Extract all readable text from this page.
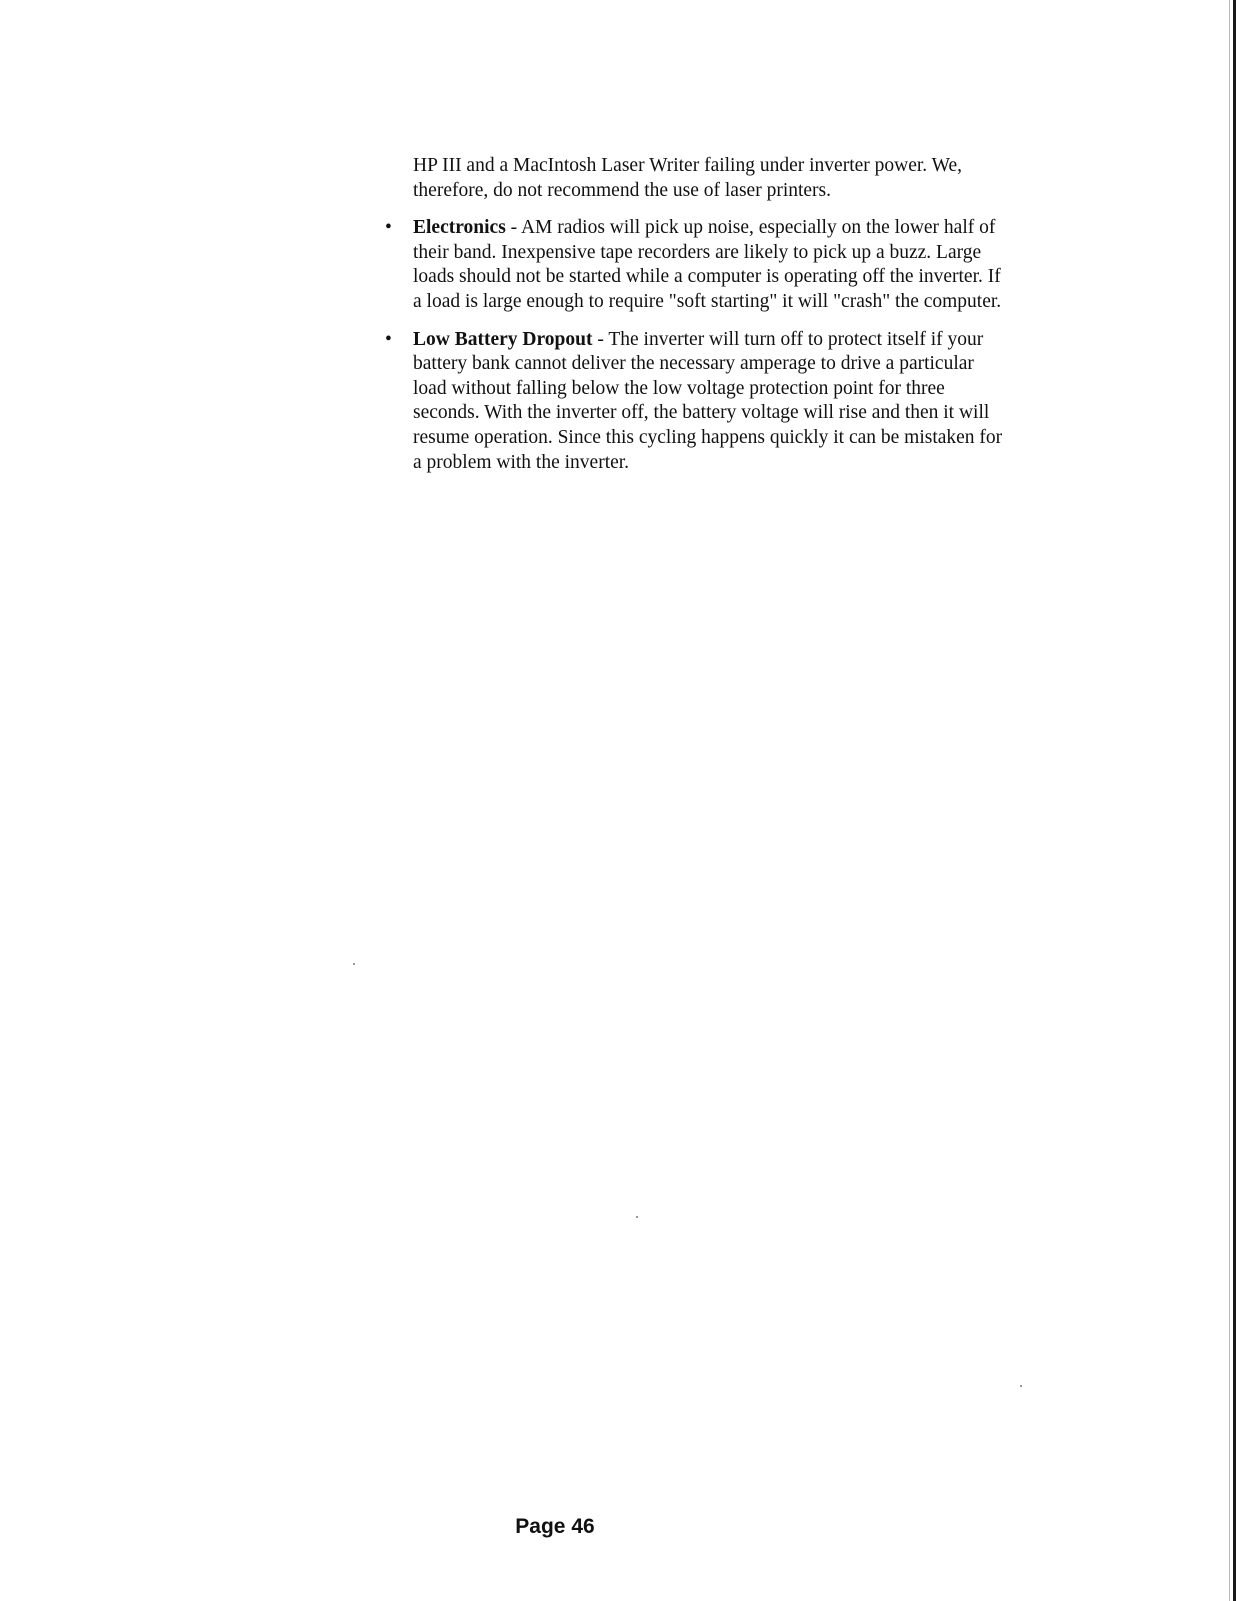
HP III and a MacIntosh Laser Writer failing under inverter power. We, therefore, do not recommend the use of laser printers.

•	Electronics - AM radios will pick up noise, especially on the lower half of their band. Inexpensive tape recorders are likely to pick up a buzz. Large loads should not be started while a computer is operating off the inverter. If a load is large enough to require "soft starting" it will "crash" the computer.
•	Low Battery Dropout - The inverter will turn off to protect itself if your battery bank cannot deliver the necessary amperage to drive a particular load without falling below the low voltage protection point for three seconds. With the inverter off, the battery voltage will rise and then it will resume operation. Since this cycling happens quickly it can be mistaken for a problem with the inverter.
Page 46
